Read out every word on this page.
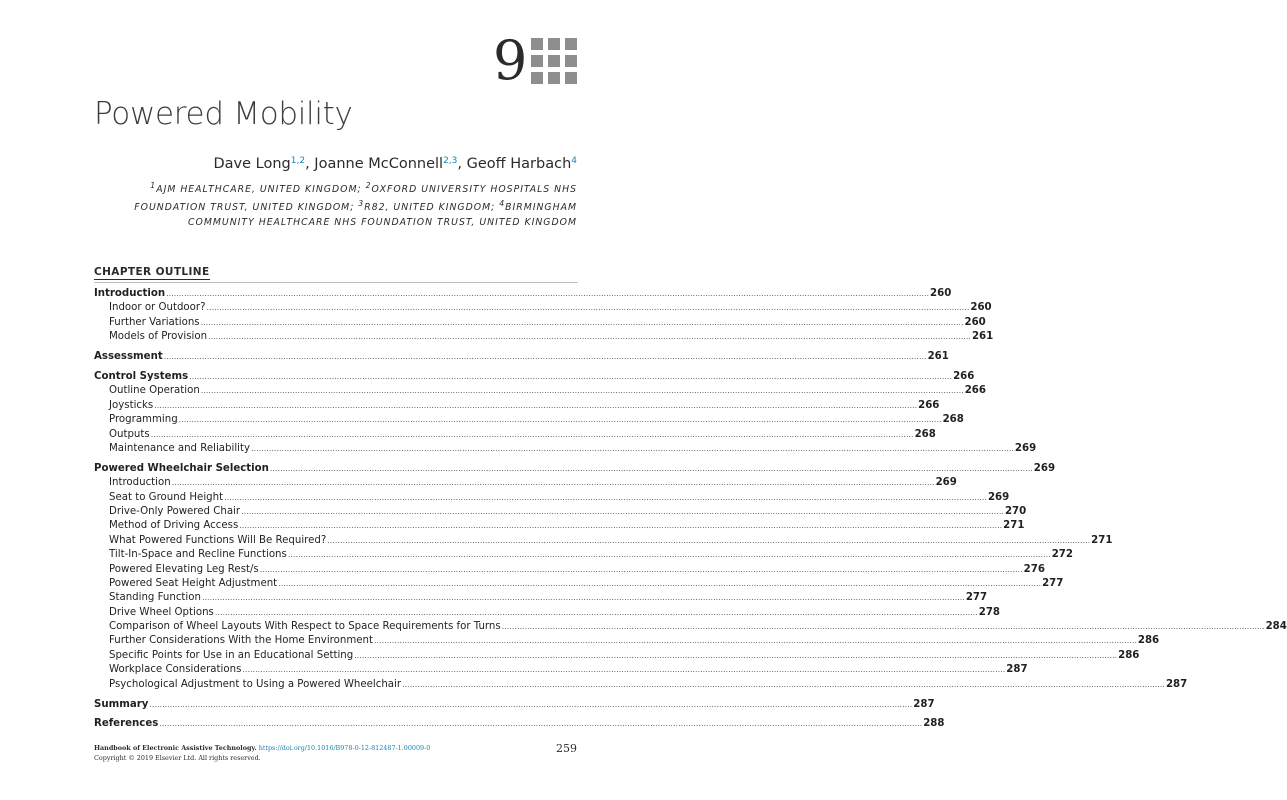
9
Powered Mobility
Dave Long$^{1,2}$, Joanne McConnell$^{2,3}$, Geoff Harbach$^4$
$^1$AJM HEALTHCARE, UNITED KINGDOM; $^2$OXFORD UNIVERSITY HOSPITALS NHS FOUNDATION TRUST, UNITED KINGDOM; $^3$R82, UNITED KINGDOM; $^4$BIRMINGHAM COMMUNITY HEALTHCARE NHS FOUNDATION TRUST, UNITED KINGDOM
CHAPTER OUTLINE
Introduction ............................................................................................................................................................................................................................................................................................................ 260
Indoor or Outdoor? ............................................................................................................................................................................................................................................................................................................ 260
Further Variations ............................................................................................................................................................................................................................................................................................................ 260
Models of Provision ............................................................................................................................................................................................................................................................................................................ 261
Assessment ............................................................................................................................................................................................................................................................................................................ 261
Control Systems ............................................................................................................................................................................................................................................................................................................ 266
Outline Operation ............................................................................................................................................................................................................................................................................................................ 266
Joysticks ............................................................................................................................................................................................................................................................................................................ 266
Programming ............................................................................................................................................................................................................................................................................................................ 268
Outputs ............................................................................................................................................................................................................................................................................................................ 268
Maintenance and Reliability ............................................................................................................................................................................................................................................................................................................ 269
Powered Wheelchair Selection ............................................................................................................................................................................................................................................................................................................ 269
Introduction ............................................................................................................................................................................................................................................................................................................ 269
Seat to Ground Height ............................................................................................................................................................................................................................................................................................................ 269
Drive-Only Powered Chair ............................................................................................................................................................................................................................................................................................................ 270
Method of Driving Access ............................................................................................................................................................................................................................................................................................................ 271
What Powered Functions Will Be Required? ............................................................................................................................................................................................................................................................................................................ 271
Tilt-In-Space and Recline Functions ............................................................................................................................................................................................................................................................................................................ 272
Powered Elevating Leg Rest/s ............................................................................................................................................................................................................................................................................................................ 276
Powered Seat Height Adjustment ............................................................................................................................................................................................................................................................................................................ 277
Standing Function ............................................................................................................................................................................................................................................................................................................ 277
Drive Wheel Options ............................................................................................................................................................................................................................................................................................................ 278
Comparison of Wheel Layouts With Respect to Space Requirements for Turns ............................................................................................................................................................................................................................................................................................................ 284
Further Considerations With the Home Environment ............................................................................................................................................................................................................................................................................................................ 286
Specific Points for Use in an Educational Setting ............................................................................................................................................................................................................................................................................................................ 286
Workplace Considerations ............................................................................................................................................................................................................................................................................................................ 287
Psychological Adjustment to Using a Powered Wheelchair ............................................................................................................................................................................................................................................................................................................ 287
Summary ............................................................................................................................................................................................................................................................................................................ 287
References ............................................................................................................................................................................................................................................................................................................ 288
Handbook of Electronic Assistive Technology. https://doi.org/10.1016/B978-0-12-812487-1.00009-0
Copyright © 2019 Elsevier Ltd. All rights reserved.
259
